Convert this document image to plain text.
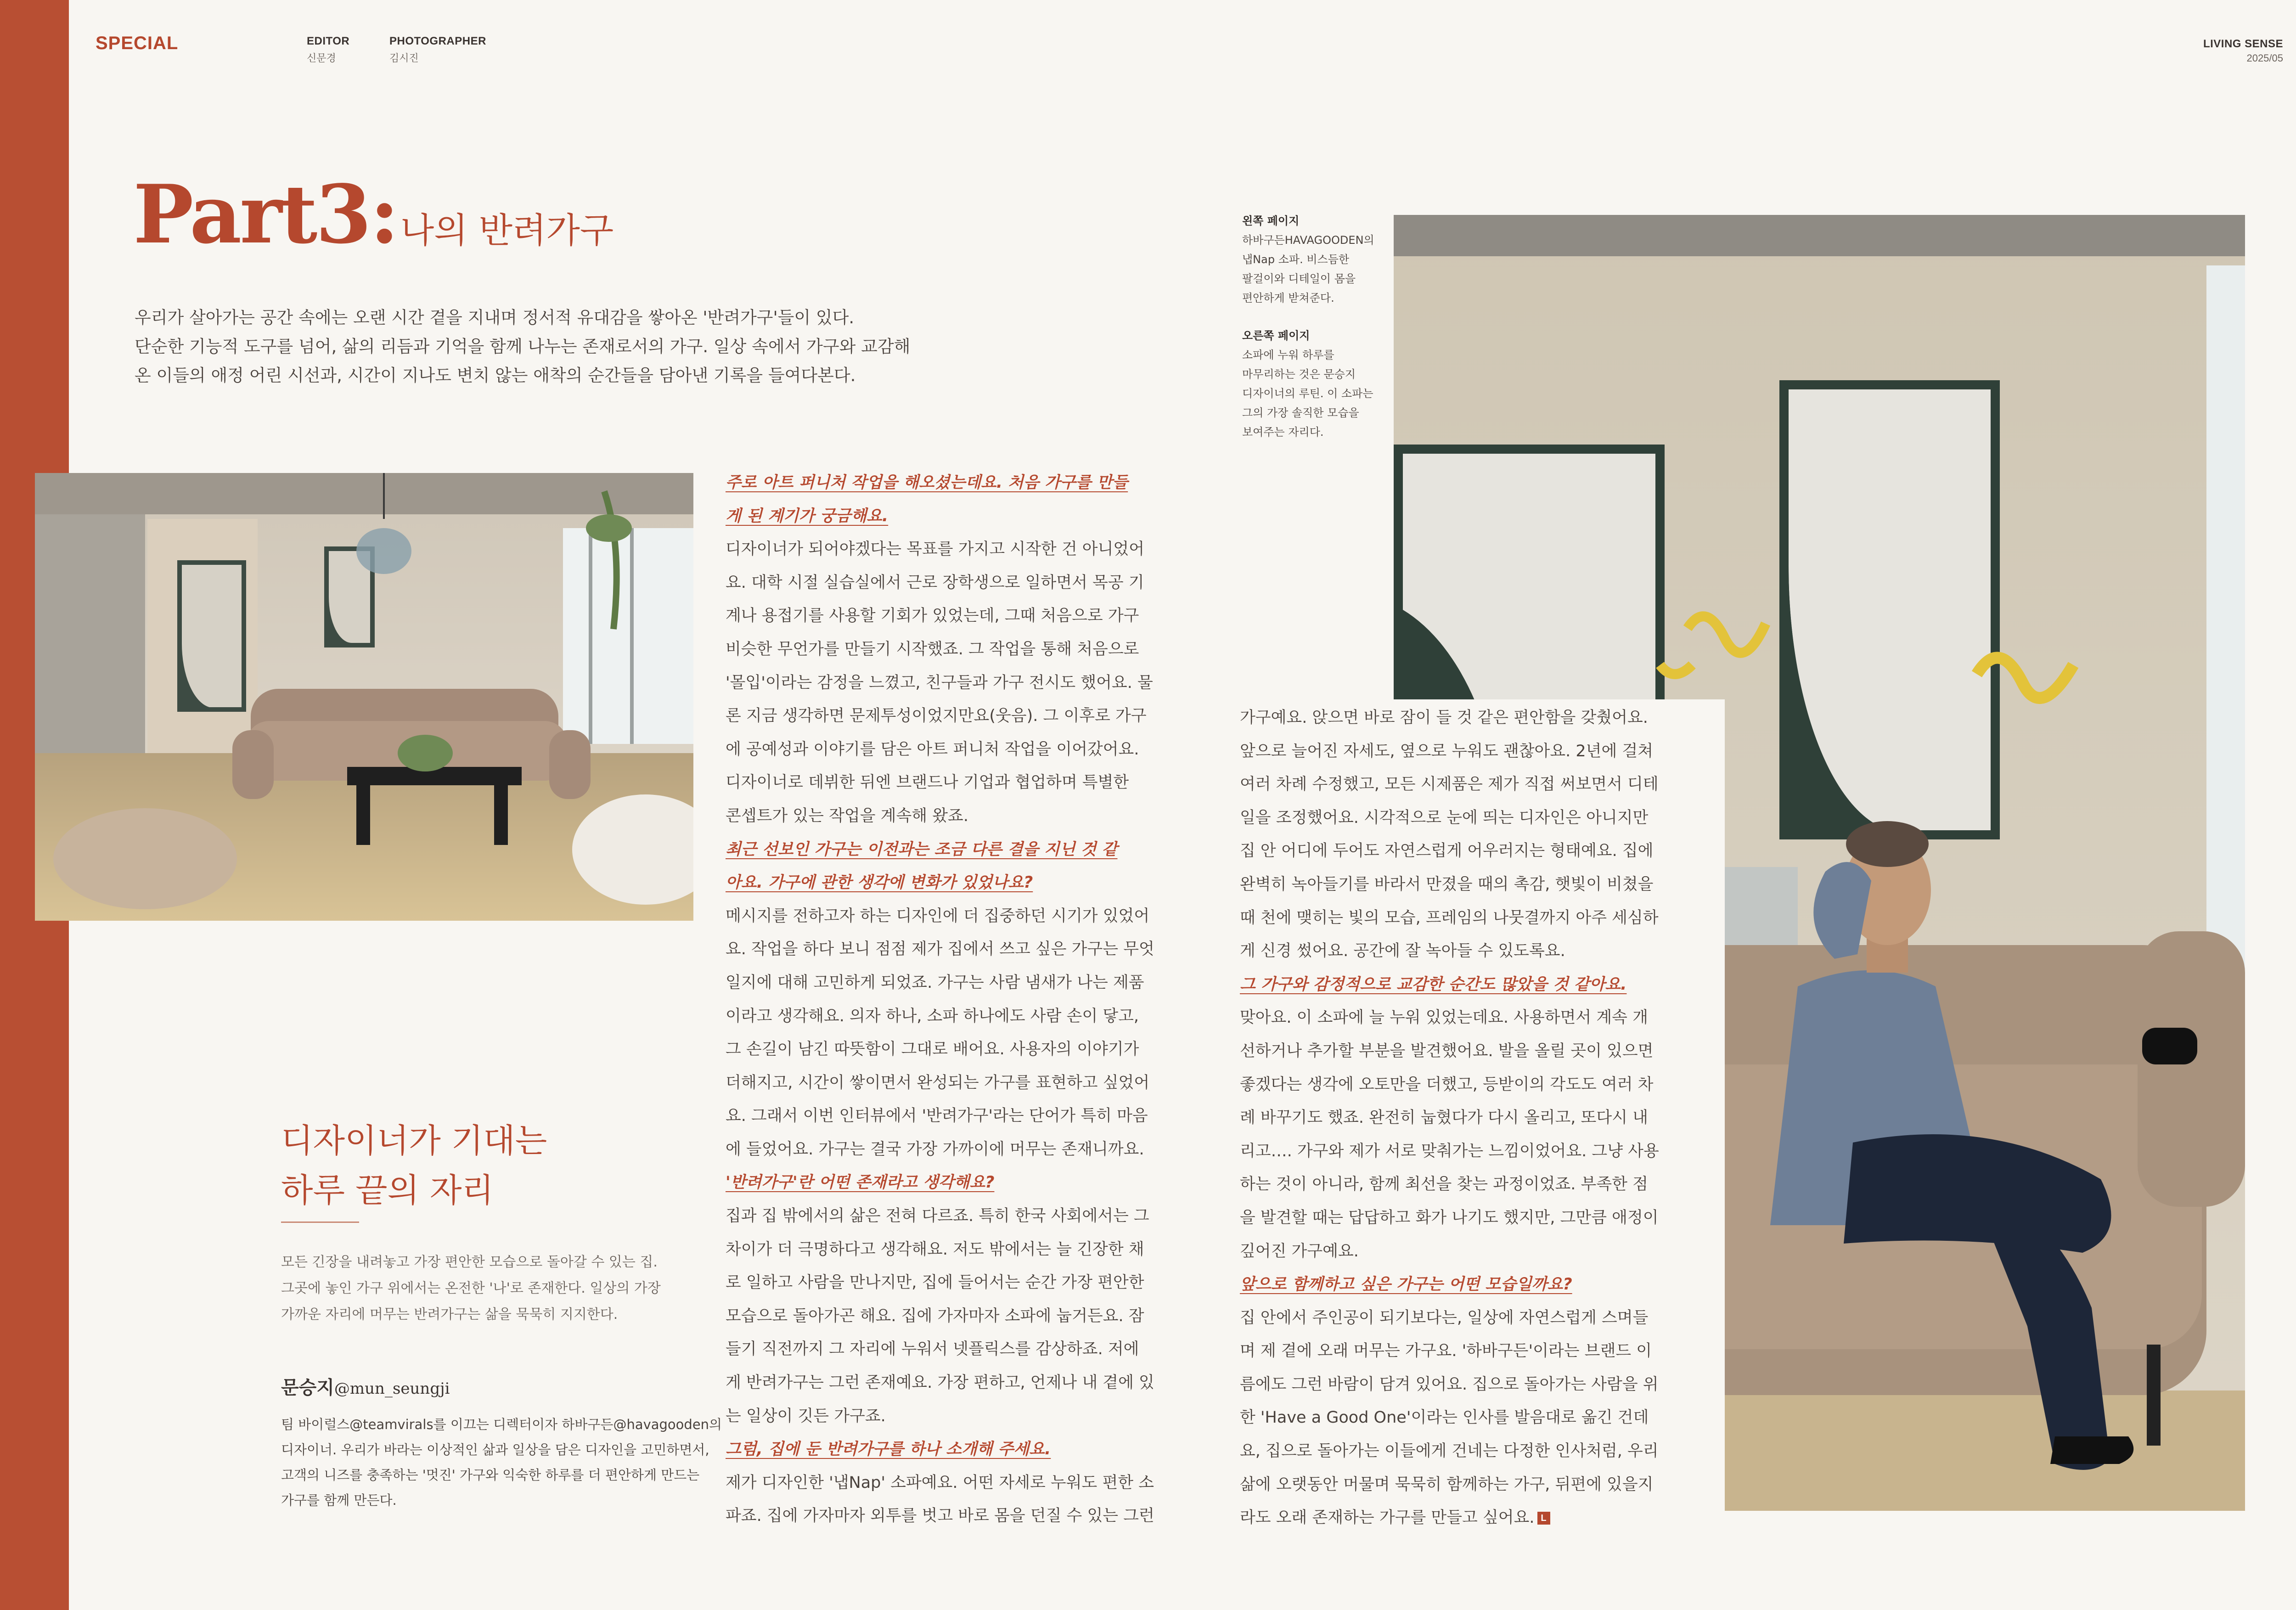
SPECIAL	EDITOR
신문경
PHOTOGRAPHER
김시진
LIVING SENSE
2025/05
Part3:나의 반려가구

우리가 살아가는 공간 속에는 오랜 시간 곁을 지내며 정서적 유대감을 쌓아온 '반려가구'들이 있다.

단순한 기능적 도구를 넘어, 삶의 리듬과 기억을 함께 나누는 존재로서의 가구. 일상 속에서 가구와 교감해

온 이들의 애정 어린 시선과, 시간이 지나도 변치 않는 애착의 순간들을 담아낸 기록을 들여다본다.

디자이너가 기대는

하루 끝의 자리

모든 긴장을 내려놓고 가장 편안한 모습으로 돌아갈 수 있는 집.

그곳에 놓인 가구 위에서는 온전한 '나'로 존재한다. 일상의 가장

가까운 자리에 머무는 반려가구는 삶을 묵묵히 지지한다.

문승지@mun_seungji

팀 바이럴스@teamvirals를 이끄는 디렉터이자 하바구든@havagooden의

디자이너. 우리가 바라는 이상적인 삶과 일상을 담은 디자인을 고민하면서,

고객의 니즈를 충족하는 '멋진' 가구와 익숙한 하루를 더 편안하게 만드는

가구를 함께 만든다.

왼쪽 페이지

하바구든HAVAGOODEN의

냅Nap 소파. 비스듬한

팔걸이와 디테일이 몸을

편안하게 받쳐준다.

오른쪽 페이지

소파에 누워 하루를

마무리하는 것은 문승지

디자이너의 루틴. 이 소파는

그의 가장 솔직한 모습을

보여주는 자리다.

주로 아트 퍼니처 작업을 해오셨는데요. 처음 가구를 만들

게 된 계기가 궁금해요.

디자이너가 되어야겠다는 목표를 가지고 시작한 건 아니었어

요. 대학 시절 실습실에서 근로 장학생으로 일하면서 목공 기

계나 용접기를 사용할 기회가 있었는데, 그때 처음으로 가구

비슷한 무언가를 만들기 시작했죠. 그 작업을 통해 처음으로

'몰입'이라는 감정을 느꼈고, 친구들과 가구 전시도 했어요. 물

론 지금 생각하면 문제투성이었지만요(웃음). 그 이후로 가구

에 공예성과 이야기를 담은 아트 퍼니처 작업을 이어갔어요.

디자이너로 데뷔한 뒤엔 브랜드나 기업과 협업하며 특별한

콘셉트가 있는 작업을 계속해 왔죠.

최근 선보인 가구는 이전과는 조금 다른 결을 지닌 것 같

아요. 가구에 관한 생각에 변화가 있었나요?

메시지를 전하고자 하는 디자인에 더 집중하던 시기가 있었어

요. 작업을 하다 보니 점점 제가 집에서 쓰고 싶은 가구는 무엇

일지에 대해 고민하게 되었죠. 가구는 사람 냄새가 나는 제품

이라고 생각해요. 의자 하나, 소파 하나에도 사람 손이 닿고,

그 손길이 남긴 따뜻함이 그대로 배어요. 사용자의 이야기가

더해지고, 시간이 쌓이면서 완성되는 가구를 표현하고 싶었어

요. 그래서 이번 인터뷰에서 '반려가구'라는 단어가 특히 마음

에 들었어요. 가구는 결국 가장 가까이에 머무는 존재니까요.

'반려가구'란 어떤 존재라고 생각해요?

집과 집 밖에서의 삶은 전혀 다르죠. 특히 한국 사회에서는 그

차이가 더 극명하다고 생각해요. 저도 밖에서는 늘 긴장한 채

로 일하고 사람을 만나지만, 집에 들어서는 순간 가장 편안한

모습으로 돌아가곤 해요. 집에 가자마자 소파에 눕거든요. 잠

들기 직전까지 그 자리에 누워서 넷플릭스를 감상하죠. 저에

게 반려가구는 그런 존재예요. 가장 편하고, 언제나 내 곁에 있

는 일상이 깃든 가구죠.

그럼, 집에 둔 반려가구를 하나 소개해 주세요.

제가 디자인한 '냅Nap' 소파예요. 어떤 자세로 누워도 편한 소

파죠. 집에 가자마자 외투를 벗고 바로 몸을 던질 수 있는 그런

가구예요. 앉으면 바로 잠이 들 것 같은 편안함을 갖췄어요.

앞으로 늘어진 자세도, 옆으로 누워도 괜찮아요. 2년에 걸쳐

여러 차례 수정했고, 모든 시제품은 제가 직접 써보면서 디테

일을 조정했어요. 시각적으로 눈에 띄는 디자인은 아니지만

집 안 어디에 두어도 자연스럽게 어우러지는 형태예요. 집에

완벽히 녹아들기를 바라서 만졌을 때의 촉감, 햇빛이 비쳤을

때 천에 맺히는 빛의 모습, 프레임의 나뭇결까지 아주 세심하

게 신경 썼어요. 공간에 잘 녹아들 수 있도록요.

그 가구와 감정적으로 교감한 순간도 많았을 것 같아요.

맞아요. 이 소파에 늘 누워 있었는데요. 사용하면서 계속 개

선하거나 추가할 부분을 발견했어요. 발을 올릴 곳이 있으면

좋겠다는 생각에 오토만을 더했고, 등받이의 각도도 여러 차

례 바꾸기도 했죠. 완전히 눕혔다가 다시 올리고, 또다시 내

리고…. 가구와 제가 서로 맞춰가는 느낌이었어요. 그냥 사용

하는 것이 아니라, 함께 최선을 찾는 과정이었죠. 부족한 점

을 발견할 때는 답답하고 화가 나기도 했지만, 그만큼 애정이

깊어진 가구예요.

앞으로 함께하고 싶은 가구는 어떤 모습일까요?

집 안에서 주인공이 되기보다는, 일상에 자연스럽게 스며들

며 제 곁에 오래 머무는 가구요. '하바구든'이라는 브랜드 이

름에도 그런 바람이 담겨 있어요. 집으로 돌아가는 사람을 위

한 'Have a Good One'이라는 인사를 발음대로 옮긴 건데

요, 집으로 돌아가는 이들에게 건네는 다정한 인사처럼, 우리

삶에 오랫동안 머물며 묵묵히 함께하는 가구, 뒤편에 있을지

라도 오래 존재하는 가구를 만들고 싶어요. L
